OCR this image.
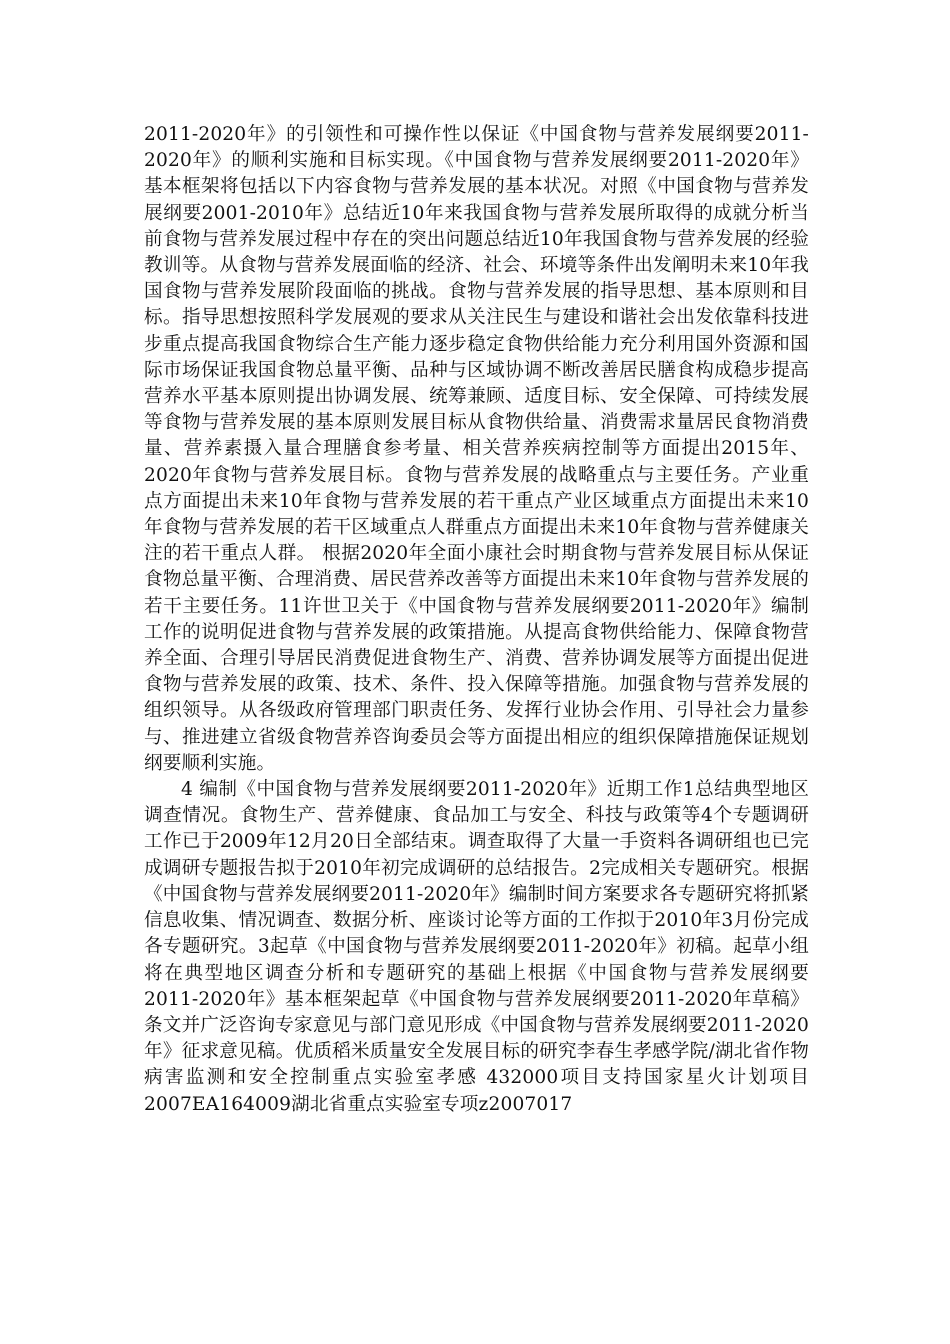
2011-2020年》的引领性和可操作性以保证《中国食物与营养发展纲要2011-2020年》的顺利实施和目标实现。《中国食物与营养发展纲要2011-2020年》基本框架将包括以下内容食物与营养发展的基本状况。对照《中国食物与营养发展纲要2001-2010年》总结近10年来我国食物与营养发展所取得的成就分析当前食物与营养发展过程中存在的突出问题总结近10年我国食物与营养发展的经验教训等。从食物与营养发展面临的经济、社会、环境等条件出发阐明未来10年我国食物与营养发展阶段面临的挑战。食物与营养发展的指导思想、基本原则和目标。指导思想按照科学发展观的要求从关注民生与建设和谐社会出发依靠科技进步重点提高我国食物综合生产能力逐步稳定食物供给能力充分利用国外资源和国际市场保证我国食物总量平衡、品种与区域协调不断改善居民膳食构成稳步提高营养水平基本原则提出协调发展、统筹兼顾、适度目标、安全保障、可持续发展等食物与营养发展的基本原则发展目标从食物供给量、消费需求量居民食物消费量、营养素摄入量合理膳食参考量、相关营养疾病控制等方面提出2015年、2020年食物与营养发展目标。食物与营养发展的战略重点与主要任务。产业重点方面提出未来10年食物与营养发展的若干重点产业区域重点方面提出未来10年食物与营养发展的若干区域重点人群重点方面提出未来10年食物与营养健康关注的若干重点人群。 根据2020年全面小康社会时期食物与营养发展目标从保证食物总量平衡、合理消费、居民营养改善等方面提出未来10年食物与营养发展的若干主要任务。11许世卫关于《中国食物与营养发展纲要2011-2020年》编制工作的说明促进食物与营养发展的政策措施。从提高食物供给能力、保障食物营养全面、合理引导居民消费促进食物生产、消费、营养协调发展等方面提出促进食物与营养发展的政策、技术、条件、投入保障等措施。加强食物与营养发展的组织领导。从各级政府管理部门职责任务、发挥行业协会作用、引导社会力量参与、推进建立省级食物营养咨询委员会等方面提出相应的组织保障措施保证规划纲要顺利实施。

4 编制《中国食物与营养发展纲要2011-2020年》近期工作1总结典型地区调查情况。食物生产、营养健康、食品加工与安全、科技与政策等4个专题调研工作已于2009年12月20日全部结束。调查取得了大量一手资料各调研组也已完成调研专题报告拟于2010年初完成调研的总结报告。2完成相关专题研究。根据《中国食物与营养发展纲要2011-2020年》编制时间方案要求各专题研究将抓紧信息收集、情况调查、数据分析、座谈讨论等方面的工作拟于2010年3月份完成各专题研究。3起草《中国食物与营养发展纲要2011-2020年》初稿。起草小组将在典型地区调查分析和专题研究的基础上根据《中国食物与营养发展纲要2011-2020年》基本框架起草《中国食物与营养发展纲要2011-2020年草稿》条文并广泛咨询专家意见与部门意见形成《中国食物与营养发展纲要2011-2020年》征求意见稿。优质稻米质量安全发展目标的研究李春生孝感学院/湖北省作物病害监测和安全控制重点实验室孝感 432000项目支持国家星火计划项目2007EA164009湖北省重点实验室专项z2007017
